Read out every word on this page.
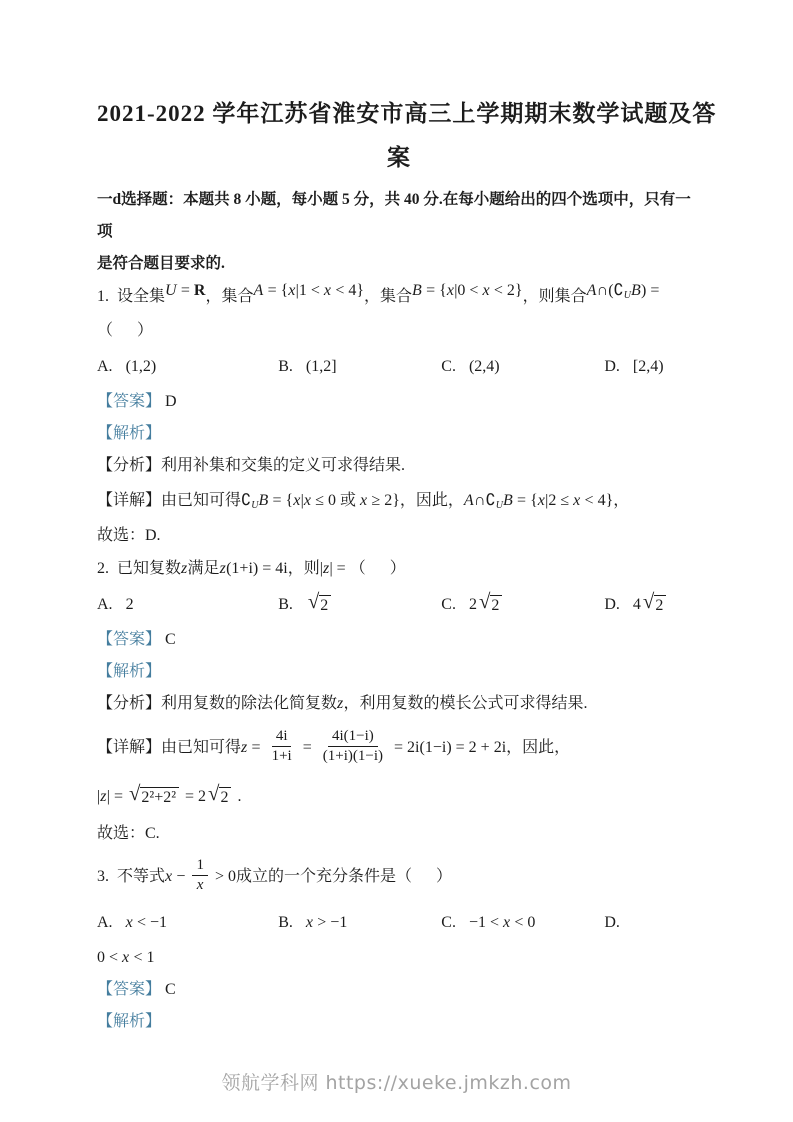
2021-2022 学年江苏省淮安市高三上学期期末数学试题及答
案
一d选择题：本题共 8 小题，每小题 5 分，共 40 分.在每小题给出的四个选项中，只有一项
是符合题目要求的.
1.  设全集U = R，集合A = {x|1 < x < 4}，集合B = {x|0 < x < 2}，则集合$A\cap(∁_UB)$ =
（      ）
A. (1,2)	B. (1,2]	C. (2,4)	D. [2,4)
【答案】 D
【解析】
【分析】利用补集和交集的定义可求得结果.
【详解】由已知可得$∁_UB = \{x|x \le 0$ 或 x ≥ 2}，因此，$A\cap∁_UB = \{x|2 \le x < 4\}$，
故选：D.
2.  已知复数z满足z(1+i) = 4i，则|z| = （      ）
A. 2	B. √ 2	C. 2 √ 2	D. 4 √ 2
【答案】 C
【解析】
【分析】利用复数的除法化简复数z，利用复数的模长公式可求得结果.
【详解】由已知可得$z = \frac{4i}{1+i} = \frac{4i(1-i)}{(1+i)(1-i)} = 2i(1-i) = 2 + 2i$，因此，
|z| = √ 2²+2² = 2 √ 2 .
故选：C.
3.  不等式$x - \frac{1}{x} > 0$成立的一个充分条件是（      ）
A. x < −1	B. x > −1	C. −1 < x < 0	D.
0 < x < 1
【答案】 C
【解析】
领航学科网 https://xueke.jmkzh.com
